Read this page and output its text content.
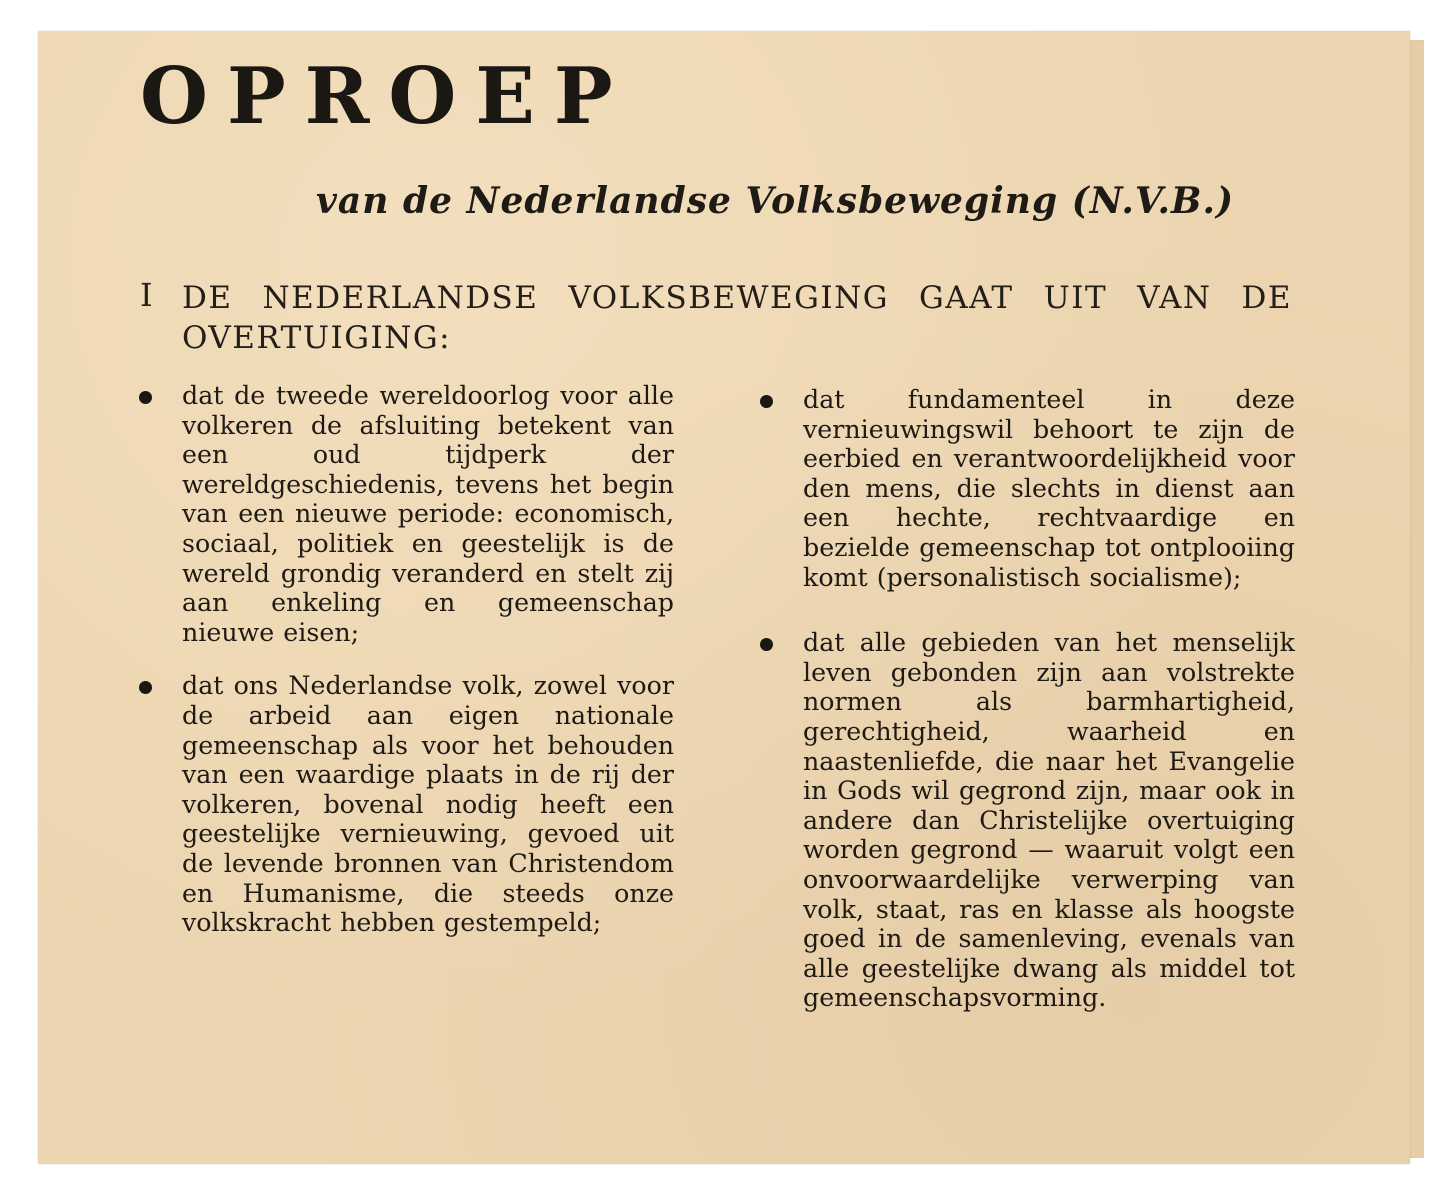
OPROEP

van de Nederlandse Volksbeweging (N.V.B.)

I DE NEDERLANDSE VOLKSBEWEGING GAAT UIT VAN DE OVERTUIGING:

dat de tweede wereldoorlog voor alle volkeren de afsluiting betekent van een oud tijdperk der wereldgeschiedenis, tevens het begin van een nieuwe periode: economisch, sociaal, politiek en geestelijk is de wereld grondig veranderd en stelt zij aan enkeling en gemeenschap nieuwe eisen;

dat ons Nederlandse volk, zowel voor de arbeid aan eigen nationale gemeenschap als voor het behouden van een waardige plaats in de rij der volkeren, bovenal nodig heeft een geestelijke vernieuwing, gevoed uit de levende bronnen van Christendom en Humanisme, die steeds onze volkskracht hebben gestempeld;

dat fundamenteel in deze vernieuwingswil behoort te zijn de eerbied en verantwoordelijkheid voor den mens, die slechts in dienst aan een hechte, rechtvaardige en bezielde gemeenschap tot ontplooiing komt (personalistisch socialisme);

dat alle gebieden van het menselijk leven gebonden zijn aan volstrekte normen als barmhartigheid, gerechtigheid, waarheid en naastenliefde, die naar het Evangelie in Gods wil gegrond zijn, maar ook in andere dan Christelijke overtuiging worden gegrond — waaruit volgt een onvoorwaardelijke verwerping van volk, staat, ras en klasse als hoogste goed in de samenleving, evenals van alle geestelijke dwang als middel tot gemeenschapsvorming.
